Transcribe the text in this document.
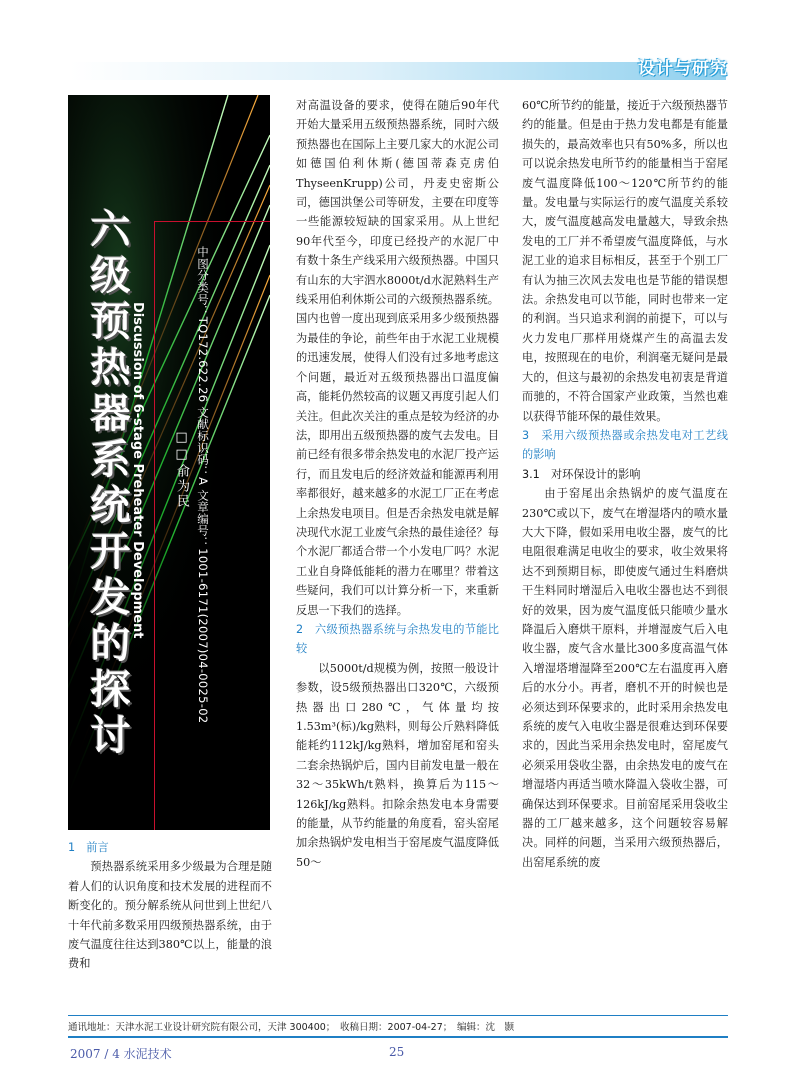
设计与研究
六级预热器系统开发的探讨 Discussion of 6-stage Preheater Development	中图分类号：TQ172.622.26 文献标识码：A 文章编号：1001-6171(2007)04-0025-02
□□俞为民

1　前言

预热器系统采用多少级最为合理是随着人们的认识角度和技术发展的进程而不断变化的。预分解系统从问世到上世纪八十年代前多数采用四级预热器系统，由于废气温度往往达到380℃以上，能量的浪费和

对高温设备的要求，使得在随后90年代开始大量采用五级预热器系统，同时六级预热器也在国际上主要几家大的水泥公司如德国伯利休斯(德国蒂森克虏伯ThyseenKrupp)公司，丹麦史密斯公司，德国洪堡公司等研发，主要在印度等一些能源较短缺的国家采用。从上世纪90年代至今，印度已经投产的水泥厂中有数十条生产线采用六级预热器。中国只有山东的大宇泗水8000t/d水泥熟料生产线采用伯利休斯公司的六级预热器系统。国内也曾一度出现到底采用多少级预热器为最佳的争论，前些年由于水泥工业规模的迅速发展，使得人们没有过多地考虑这个问题，最近对五级预热器出口温度偏高，能耗仍然较高的议题又再度引起人们关注。但此次关注的重点是较为经济的办法，即用出五级预热器的废气去发电。目前已经有很多带余热发电的水泥厂投产运行，而且发电后的经济效益和能源再利用率都很好，越来越多的水泥工厂正在考虑上余热发电项目。但是否余热发电就是解决现代水泥工业废气余热的最佳途径？每个水泥厂都适合带一个小发电厂吗？水泥工业自身降低能耗的潜力在哪里？带着这些疑问，我们可以计算分析一下，来重新反思一下我们的选择。

2　六级预热器系统与余热发电的节能比较

以5000t/d规模为例，按照一般设计参数，设5级预热器出口320℃，六级预热器出口280℃，气体量均按1.53m³(标)/kg熟料，则每公斤熟料降低能耗约112kJ/kg熟料，增加窑尾和窑头二套余热锅炉后，国内目前发电量一般在32～35kWh/t熟料，换算后为115～126kJ/kg熟料。扣除余热发电本身需要的能量，从节约能量的角度看，窑头窑尾加余热锅炉发电相当于窑尾废气温度降低50～

60℃所节约的能量，接近于六级预热器节约的能量。但是由于热力发电都是有能量损失的，最高效率也只有50%多，所以也可以说余热发电所节约的能量相当于窑尾废气温度降低100～120℃所节约的能量。发电量与实际运行的废气温度关系较大，废气温度越高发电量越大，导致余热发电的工厂并不希望废气温度降低，与水泥工业的追求目标相反，甚至于个别工厂有认为抽三次风去发电也是节能的错误想法。余热发电可以节能，同时也带来一定的利润。当只追求利润的前提下，可以与火力发电厂那样用烧煤产生的高温去发电，按照现在的电价，利润毫无疑问是最大的，但这与最初的余热发电初衷是背道而驰的，不符合国家产业政策，当然也难以获得节能环保的最佳效果。

3　采用六级预热器或余热发电对工艺线的影响

3.1　对环保设计的影响

由于窑尾出余热锅炉的废气温度在230℃或以下，废气在增湿塔内的喷水量大大下降，假如采用电收尘器，废气的比电阻很难满足电收尘的要求，收尘效果将达不到预期目标，即使废气通过生料磨烘干生料同时增湿后入电收尘器也达不到很好的效果，因为废气温度低只能喷少量水降温后入磨烘干原料，并增湿废气后入电收尘器，废气含水量比300多度高温气体入增湿塔增湿降至200℃左右温度再入磨后的水分小。再者，磨机不开的时候也是必须达到环保要求的，此时采用余热发电系统的废气入电收尘器是很难达到环保要求的，因此当采用余热发电时，窑尾废气必须采用袋收尘器，由余热发电的废气在增湿塔内再适当喷水降温入袋收尘器，可确保达到环保要求。目前窑尾采用袋收尘器的工厂越来越多，这个问题较容易解决。同样的问题，当采用六级预热器后，出窑尾系统的废

通讯地址：天津水泥工业设计研究院有限公司，天津 300400；　收稿日期：2007-04-27；　编辑：沈　颢
2007 / 4 水泥技术	25
